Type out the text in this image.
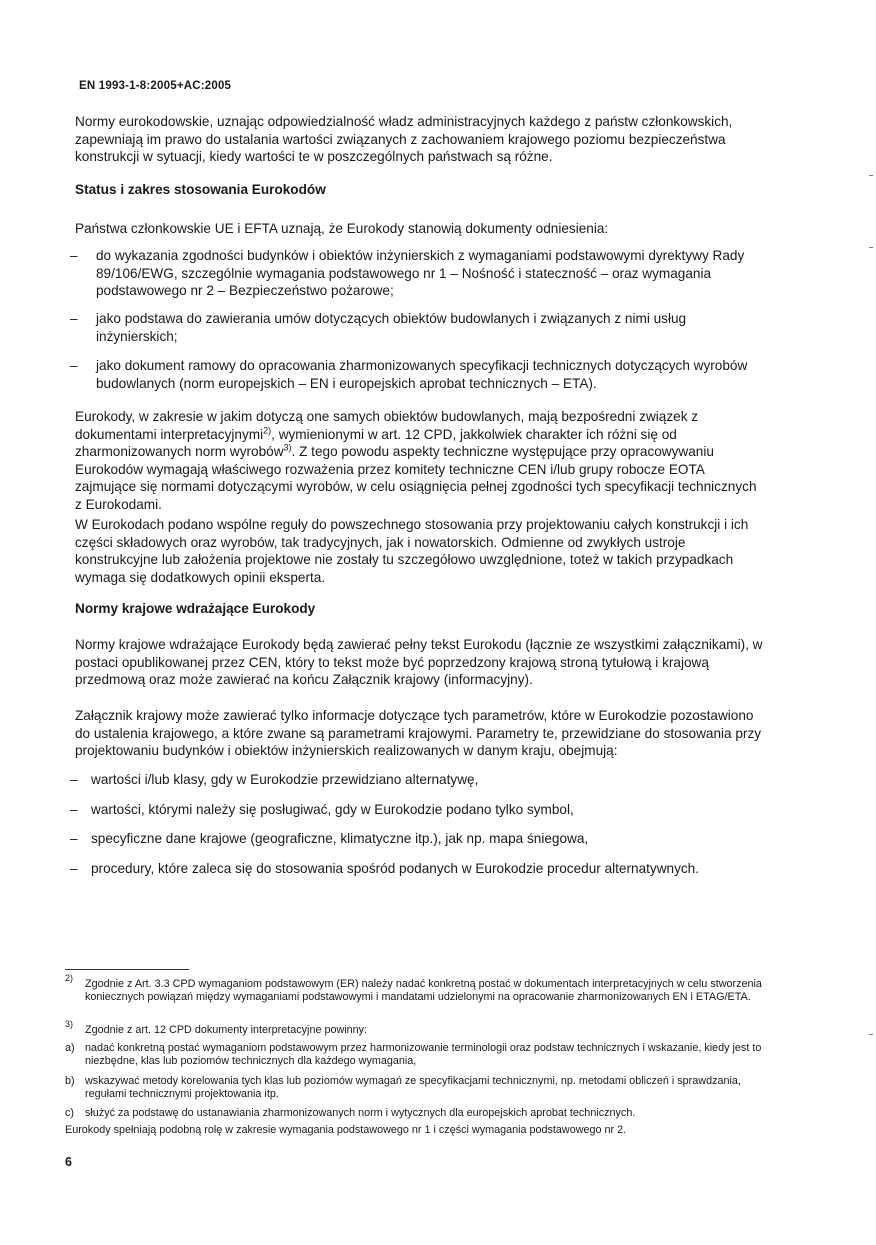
EN 1993-1-8:2005+AC:2005

Normy eurokodowskie, uznając odpowiedzialność władz administracyjnych każdego z państw członkowskich, zapewniają im prawo do ustalania wartości związanych z zachowaniem krajowego poziomu bezpieczeństwa konstrukcji w sytuacji, kiedy wartości te w poszczególnych państwach są różne.

Status i zakres stosowania Eurokodów

Państwa członkowskie UE i EFTA uznają, że Eurokody stanowią dokumenty odniesienia:

–	do wykazania zgodności budynków i obiektów inżynierskich z wymaganiami podstawowymi dyrektywy Rady 89/106/EWG, szczególnie wymagania podstawowego nr 1 – Nośność i stateczność – oraz wymagania podstawowego nr 2 – Bezpieczeństwo pożarowe;
–	jako podstawa do zawierania umów dotyczących obiektów budowlanych i związanych z nimi usług inżynierskich;
–	jako dokument ramowy do opracowania zharmonizowanych specyfikacji technicznych dotyczących wyrobów budowlanych (norm europejskich – EN i europejskich aprobat technicznych – ETA).

Eurokody, w zakresie w jakim dotyczą one samych obiektów budowlanych, mają bezpośredni związek z dokumentami interpretacyjnymi$^{2)}$, wymienionymi w art. 12 CPD, jakkolwiek charakter ich różni się od zharmonizowanych norm wyrobów$^{3)}$. Z tego powodu aspekty techniczne występujące przy opracowywaniu Eurokodów wymagają właściwego rozważenia przez komitety techniczne CEN i/lub grupy robocze EOTA zajmujące się normami dotyczącymi wyrobów, w celu osiągnięcia pełnej zgodności tych specyfikacji technicznych z Eurokodami.

W Eurokodach podano wspólne reguły do powszechnego stosowania przy projektowaniu całych konstrukcji i ich części składowych oraz wyrobów, tak tradycyjnych, jak i nowatorskich. Odmienne od zwykłych ustroje konstrukcyjne lub założenia projektowe nie zostały tu szczegółowo uwzględnione, toteż w takich przypadkach wymaga się dodatkowych opinii eksperta.

Normy krajowe wdrażające Eurokody

Normy krajowe wdrażające Eurokody będą zawierać pełny tekst Eurokodu (łącznie ze wszystkimi załącznikami), w postaci opublikowanej przez CEN, który to tekst może być poprzedzony krajową stroną tytułową i krajową przedmową oraz może zawierać na końcu Załącznik krajowy (informacyjny).

Załącznik krajowy może zawierać tylko informacje dotyczące tych parametrów, które w Eurokodzie pozostawiono do ustalenia krajowego, a które zwane są parametrami krajowymi. Parametry te, przewidziane do stosowania przy projektowaniu budynków i obiektów inżynierskich realizowanych w danym kraju, obejmują:

– wartości i/lub klasy, gdy w Eurokodzie przewidziano alternatywę,
– wartości, którymi należy się posługiwać, gdy w Eurokodzie podano tylko symbol,
– specyficzne dane krajowe (geograficzne, klimatyczne itp.), jak np. mapa śniegowa,
– procedury, które zaleca się do stosowania spośród podanych w Eurokodzie procedur alternatywnych.
2) Zgodnie z Art. 3.3 CPD wymaganiom podstawowym (ER) należy nadać konkretną postać w dokumentach interpretacyjnych w celu stworzenia koniecznych powiązań między wymaganiami podstawowymi i mandatami udzielonymi na opracowanie zharmonizowanych EN i ETAG/ETA.
3) Zgodnie z art. 12 CPD dokumenty interpretacyjne powinny:
a) nadać konkretną postać wymaganiom podstawowym przez harmonizowanie terminologii oraz podstaw technicznych i wskazanie, kiedy jest to niezbędne, klas lub poziomów technicznych dla każdego wymagania,
b) wskazywać metody korelowania tych klas lub poziomów wymagań ze specyfikacjami technicznymi, np. metodami obliczeń i sprawdzania, regułami technicznymi projektowania itp.
c) służyć za podstawę do ustanawiania zharmonizowanych norm i wytycznych dla europejskich aprobat technicznych.
Eurokody spełniają podobną rolę w zakresie wymagania podstawowego nr 1 i części wymagania podstawowego nr 2.
6
